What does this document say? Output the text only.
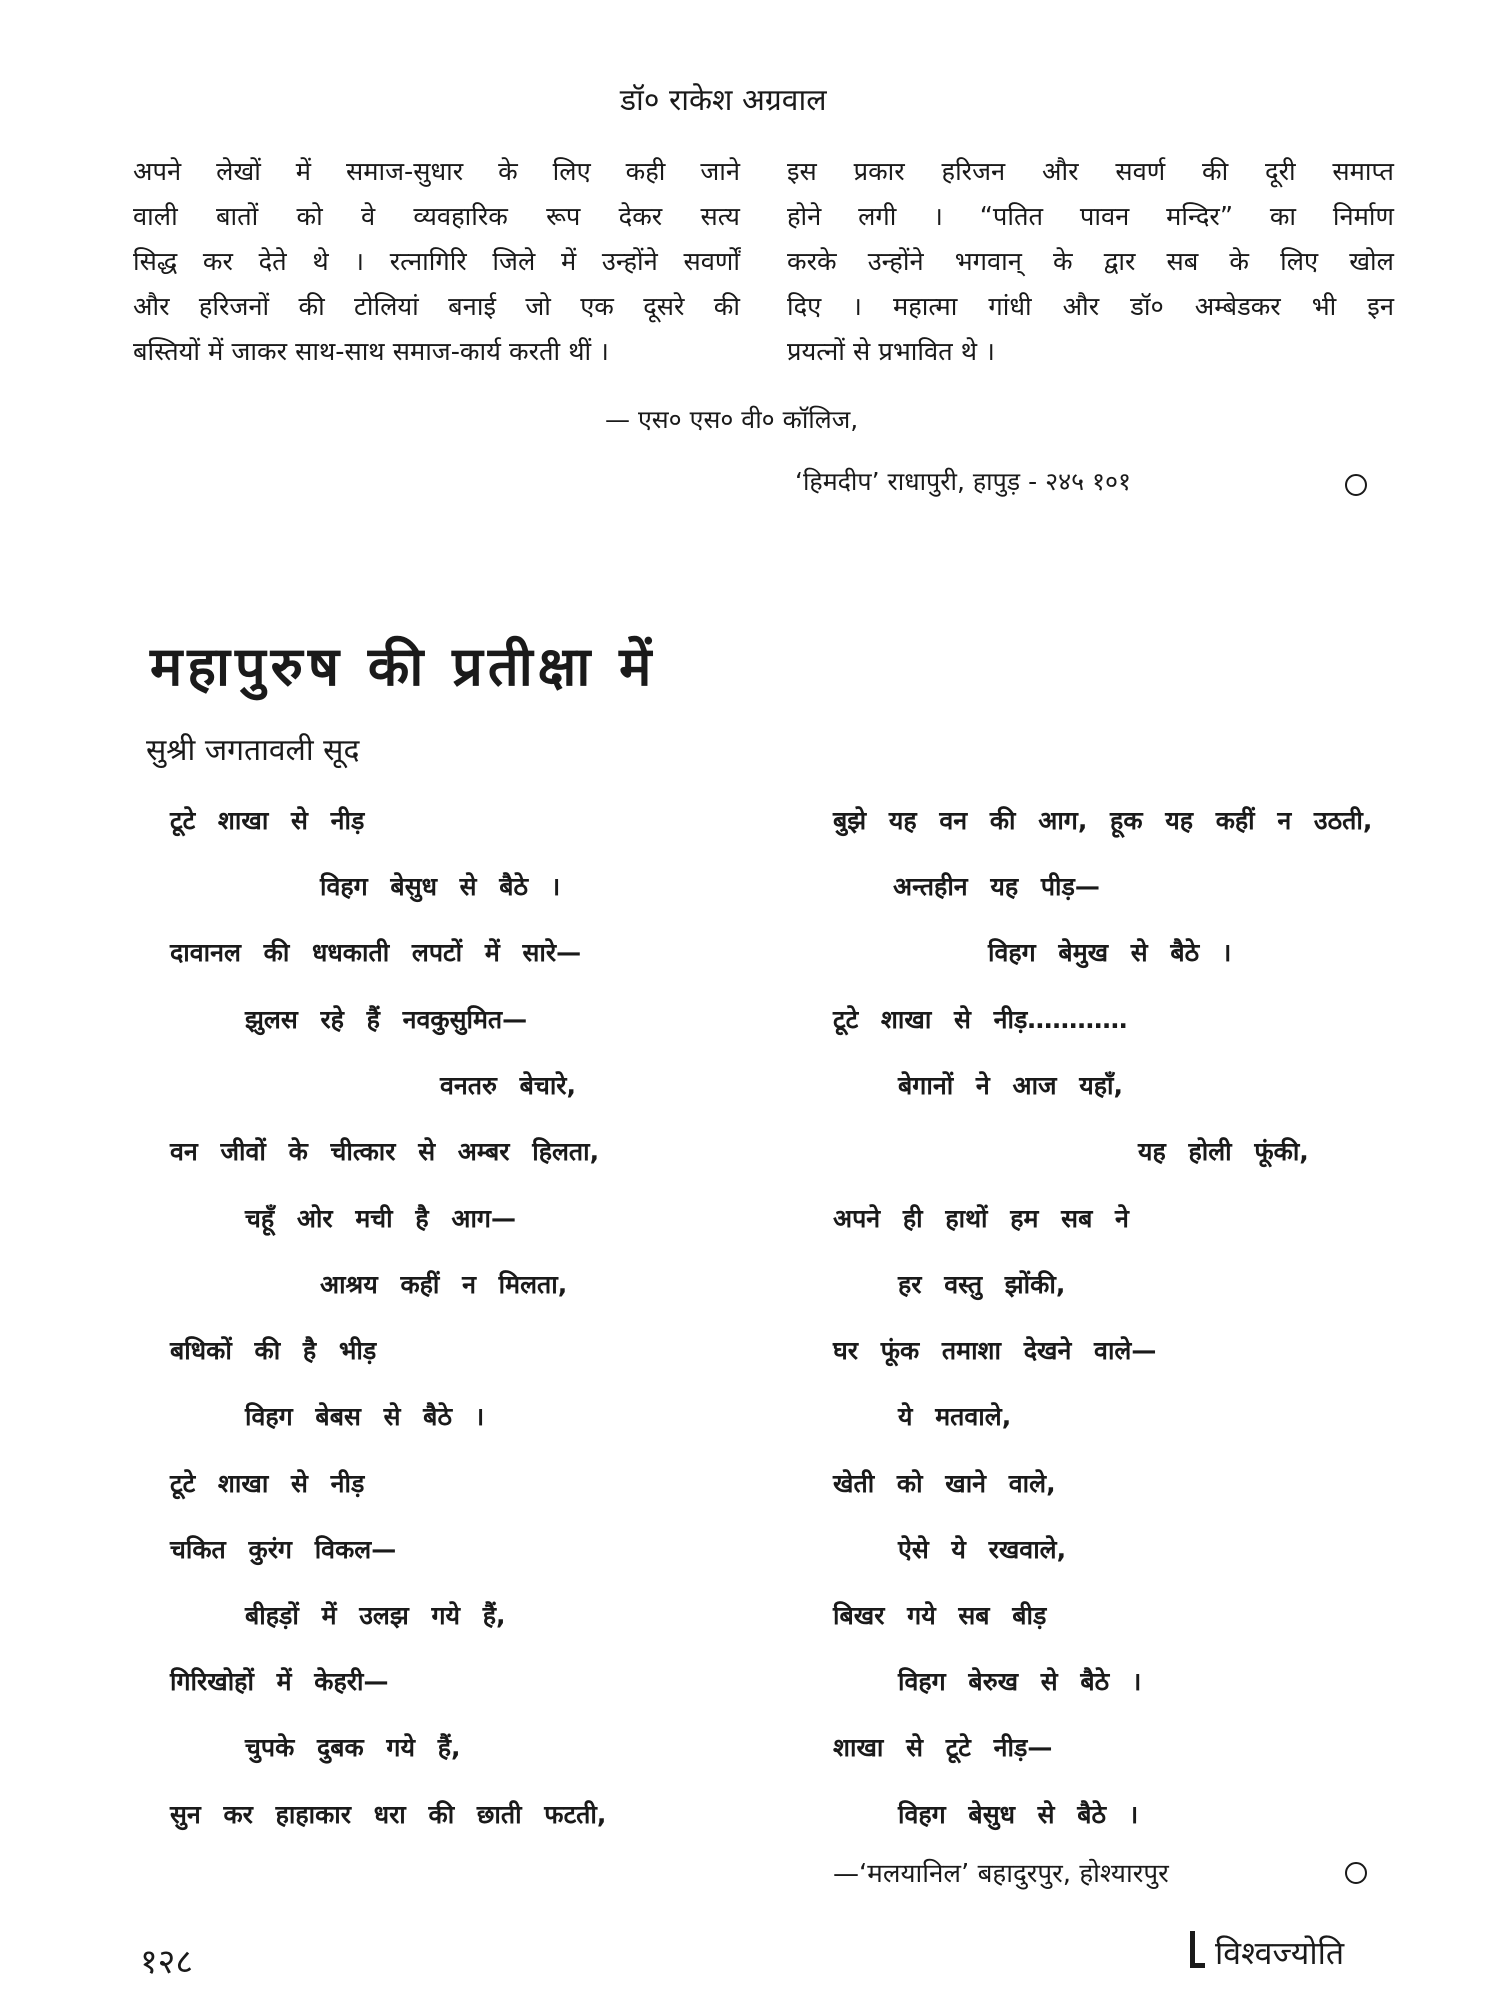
डॉ० राकेश अग्रवाल
अपने लेखों में समाज-सुधार के लिए कही जाने
वाली बातों को वे व्यवहारिक रूप देकर सत्य
सिद्ध कर देते थे । रत्नागिरि जिले में उन्होंने सवर्णों
और हरिजनों की टोलियां बनाई जो एक दूसरे की
बस्तियों में जाकर साथ-साथ समाज-कार्य करती थीं ।
इस प्रकार हरिजन और सवर्ण की दूरी समाप्त
होने लगी । “पतित पावन मन्दिर” का निर्माण
करके उन्होंने भगवान् के द्वार सब के लिए खोल
दिए । महात्मा गांधी और डॉ० अम्बेडकर भी इन
प्रयत्नों से प्रभावित थे ।
— एस० एस० वी० कॉलिज,
‘हिमदीप’ राधापुरी, हापुड़ - २४५ १०१
महापुरुष की प्रतीक्षा में
सुश्री जगतावली सूद
टूटे शाखा से नीड़
विहग बेसुध से बैठे ।
दावानल की धधकाती लपटों में सारे—
झुलस रहे हैं नवकुसुमित—
वनतरु बेचारे,
वन जीवों के चीत्कार से अम्बर हिलता,
चहूँ ओर मची है आग—
आश्रय कहीं न मिलता,
बधिकों की है भीड़
विहग बेबस से बैठे ।
टूटे शाखा से नीड़
चकित कुरंग विकल—
बीहड़ों में उलझ गये हैं,
गिरिखोहों में केहरी—
चुपके दुबक गये हैं,
सुन कर हाहाकार धरा की छाती फटती,
बुझे यह वन की आग, हूक यह कहीं न उठती,
अन्तहीन यह पीड़—
विहग बेमुख से बैठे ।
टूटे शाखा से नीड़…………
बेगानों ने आज यहाँ,
यह होली फूंकी,
अपने ही हाथों हम सब ने
हर वस्तु झोंकी,
घर फूंक तमाशा देखने वाले—
ये मतवाले,
खेती को खाने वाले,
ऐसे ये रखवाले,
बिखर गये सब बीड़
विहग बेरुख से बैठे ।
शाखा से टूटे नीड़—
विहग बेसुध से बैठे ।
—‘मलयानिल’ बहादुरपुर, होश्यारपुर
१२८	विश्वज्योति
